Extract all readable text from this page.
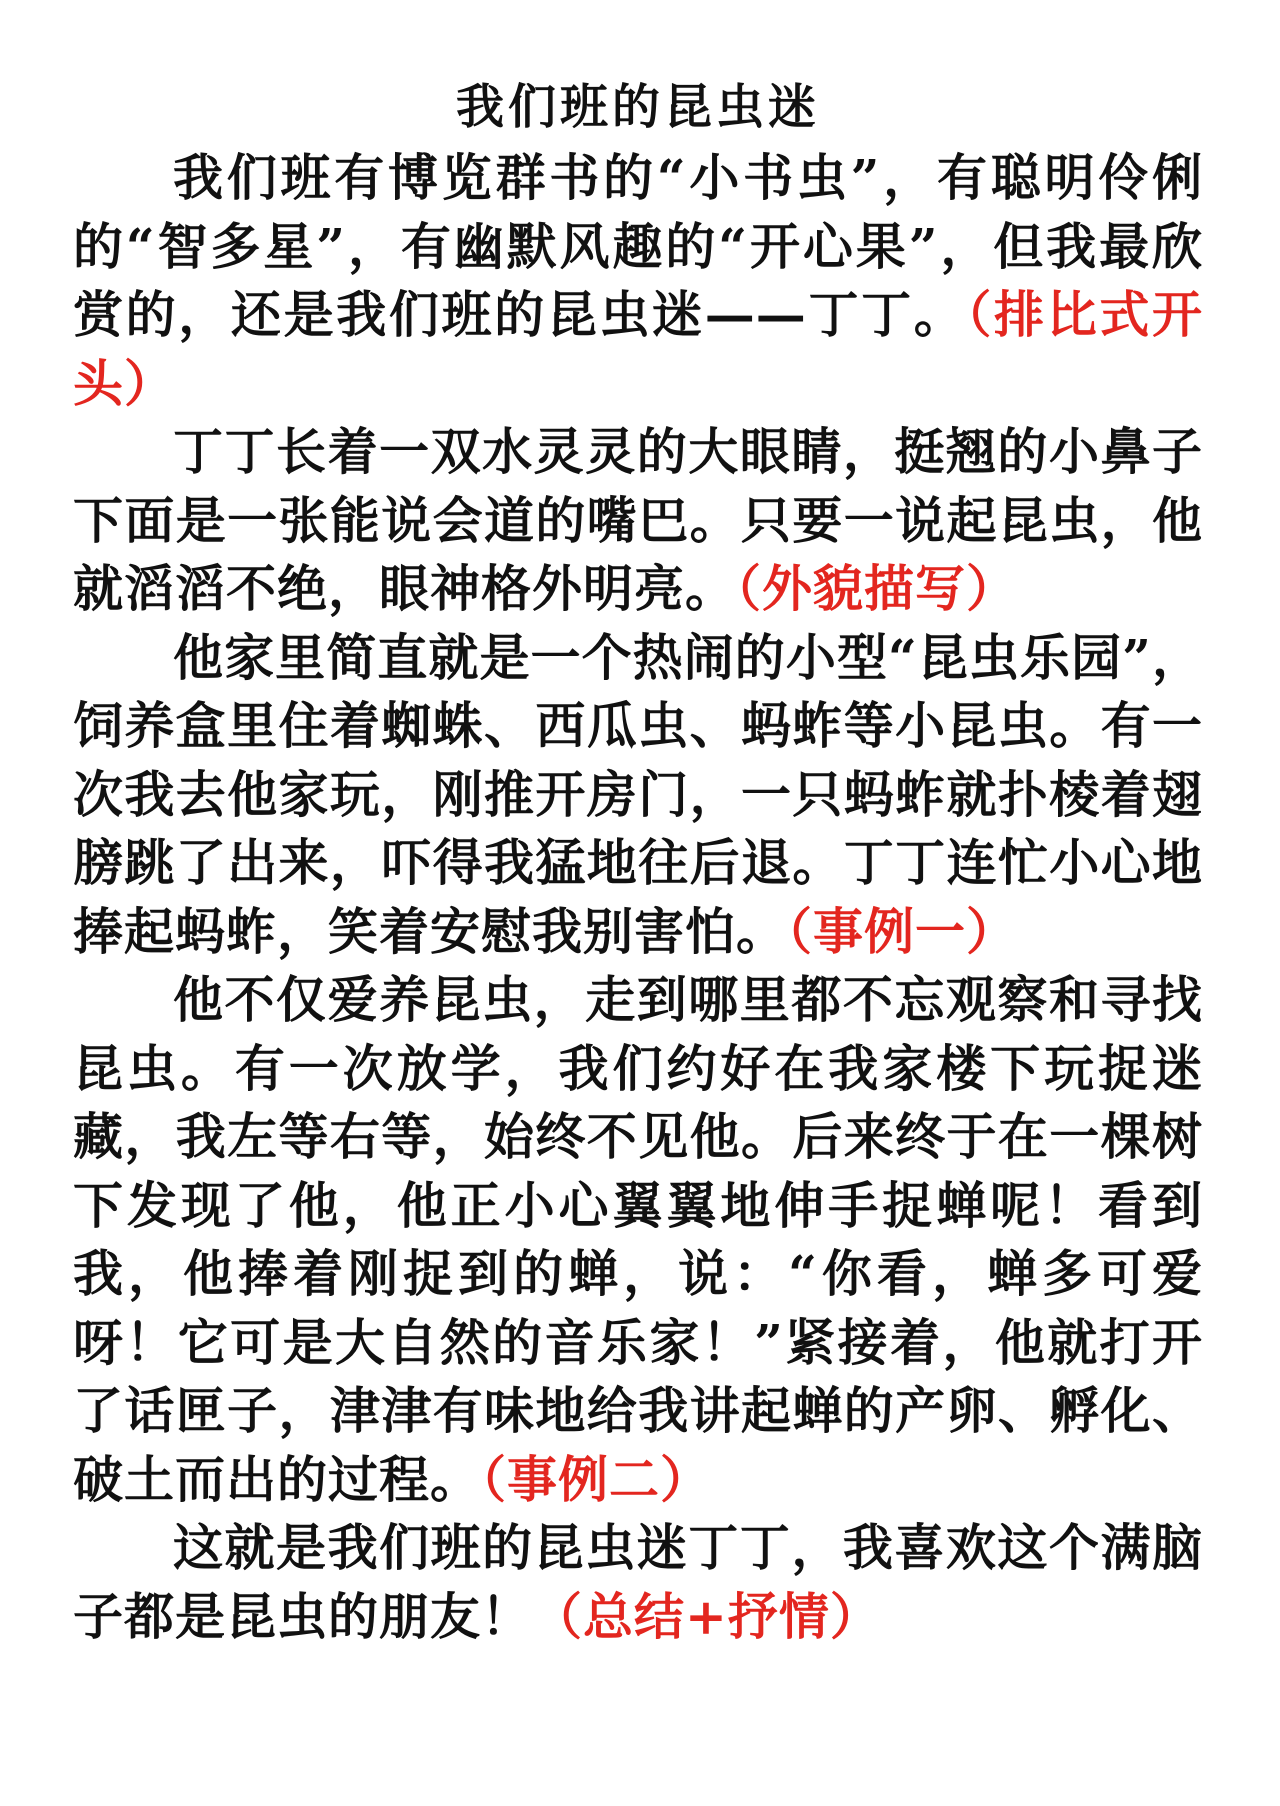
我们班的昆虫迷

我们班有博览群书的“小书虫”，有聪明伶俐的“智多星”，有幽默风趣的“开心果”，但我最欣赏的，还是我们班的昆虫迷——丁丁。（排比式开头）

丁丁长着一双水灵灵的大眼睛，挺翘的小鼻子下面是一张能说会道的嘴巴。只要一说起昆虫，他就滔滔不绝，眼神格外明亮。（外貌描写）

他家里简直就是一个热闹的小型“昆虫乐园”，饲养盒里住着蜘蛛、西瓜虫、蚂蚱等小昆虫。有一次我去他家玩，刚推开房门，一只蚂蚱就扑棱着翅膀跳了出来，吓得我猛地往后退。丁丁连忙小心地捧起蚂蚱，笑着安慰我别害怕。（事例一）

他不仅爱养昆虫，走到哪里都不忘观察和寻找昆虫。有一次放学，我们约好在我家楼下玩捉迷藏，我左等右等，始终不见他。后来终于在一棵树下发现了他，他正小心翼翼地伸手捉蝉呢！看到我，他捧着刚捉到的蝉，说：“你看，蝉多可爱呀！它可是大自然的音乐家！”紧接着，他就打开了话匣子，津津有味地给我讲起蝉的产卵、孵化、破土而出的过程。（事例二）

这就是我们班的昆虫迷丁丁，我喜欢这个满脑子都是昆虫的朋友！（总结+抒情）
